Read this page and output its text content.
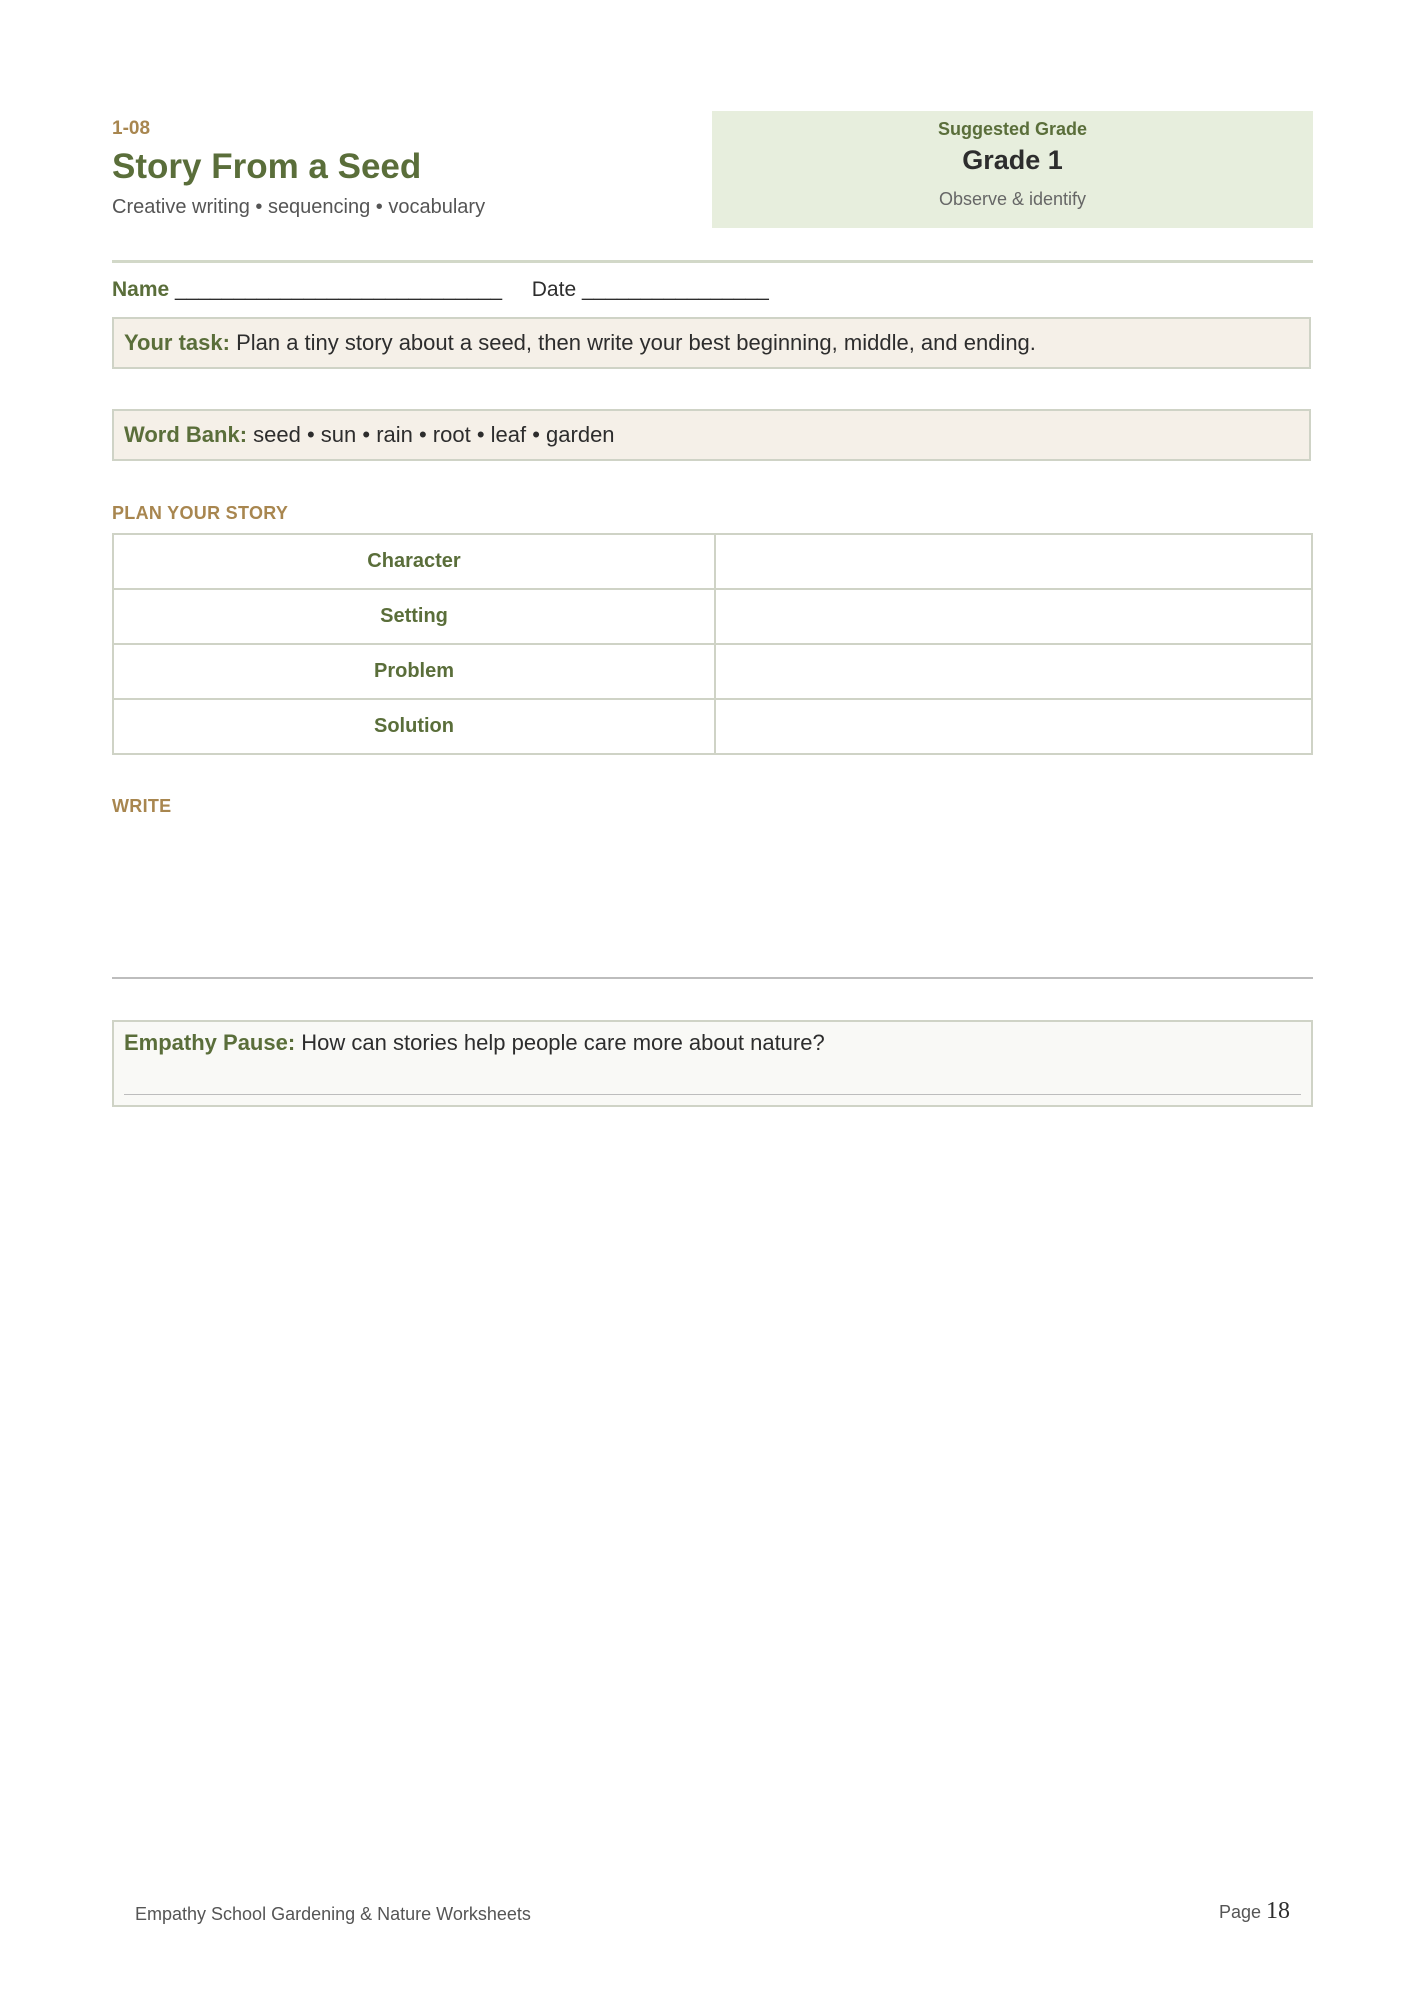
1-08
Story From a Seed
Creative writing • sequencing • vocabulary
Suggested Grade
Grade 1
Observe & identify
Name ____________________________ Date ________________
Your task: Plan a tiny story about a seed, then write your best beginning, middle, and ending.
Word Bank: seed • sun • rain • root • leaf • garden
PLAN YOUR STORY
Character	
Setting	
Problem	
Solution	
WRITE
Empathy Pause: How can stories help people care more about nature?
Empathy School Gardening & Nature Worksheets	Page 18
